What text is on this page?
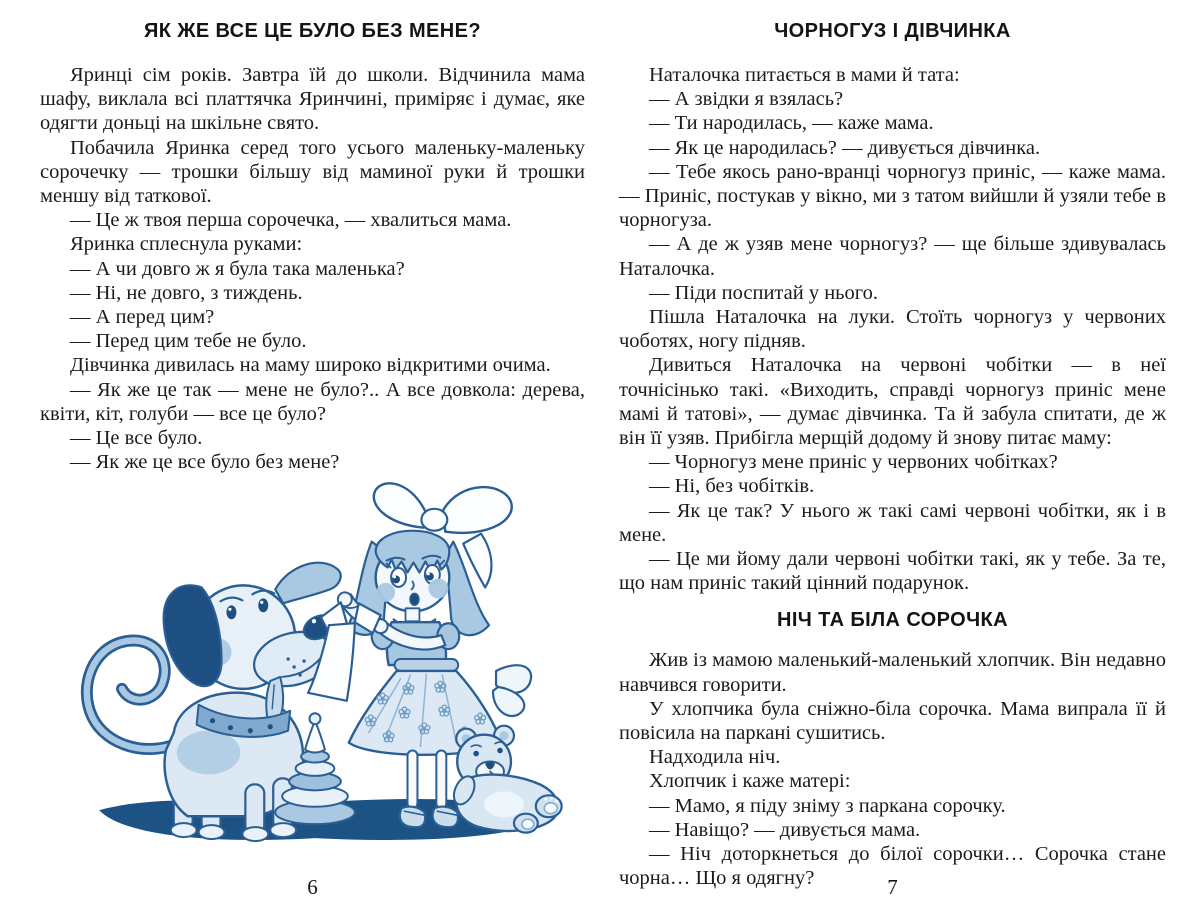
ЯК ЖЕ ВСЕ ЦЕ БУЛО БЕЗ МЕНЕ?

Яринці сім років. Завтра їй до школи. Відчинила мама шафу, виклала всі платтячка Яринчині, приміряє і думає, яке одягти доньці на шкільне свято.

Побачила Яринка серед того усього маленьку-маленьку сорочечку — трошки більшу від маминої руки й трошки меншу від таткової.

— Це ж твоя перша сорочечка, — хвалиться мама.

Яринка сплеснула руками:

— А чи довго ж я була така маленька?

— Ні, не довго, з тиждень.

— А перед цим?

— Перед цим тебе не було.

Дівчинка дивилась на маму широко відкритими очима.

— Як же це так — мене не було?.. А все довкола: дерева, квіти, кіт, голуби — все це було?

— Це все було.

— Як же це все було без мене?

6
ЧОРНОГУЗ І ДІВЧИНКА

Наталочка питається в мами й тата:

— А звідки я взялась?

— Ти народилась, — каже мама.

— Як це народилась? — дивується дівчинка.

— Тебе якось рано-вранці чорногуз приніс, — каже мама. — Приніс, постукав у вікно, ми з татом вийшли й узяли тебе в чорногуза.

— А де ж узяв мене чорногуз? — ще більше здивувалась Наталочка.

— Піди поспитай у нього.

Пішла Наталочка на луки. Стоїть чорногуз у червоних чоботях, ногу підняв.

Дивиться Наталочка на червоні чобітки — в неї точнісінько такі. «Виходить, справді чорногуз приніс мене мамі й татові», — думає дівчинка. Та й забула спитати, де ж він її узяв. Прибігла мерщій додому й знову питає маму:

— Чорногуз мене приніс у червоних чобітках?

— Ні, без чобітків.

— Як це так? У нього ж такі самі червоні чобітки, як і в мене.

— Це ми йому дали червоні чобітки такі, як у тебе. За те, що нам приніс такий цінний подарунок.

НІЧ ТА БІЛА СОРОЧКА

Жив із мамою маленький-маленький хлопчик. Він недавно навчився говорити.

У хлопчика була сніжно-біла сорочка. Мама випрала її й повісила на паркані сушитись.

Надходила ніч.

Хлопчик і каже матері:

— Мамо, я піду зніму з паркана сорочку.

— Навіщо? — дивується мама.

— Ніч доторкнеться до білої сорочки… Сорочка стане чорна… Що я одягну?	7
